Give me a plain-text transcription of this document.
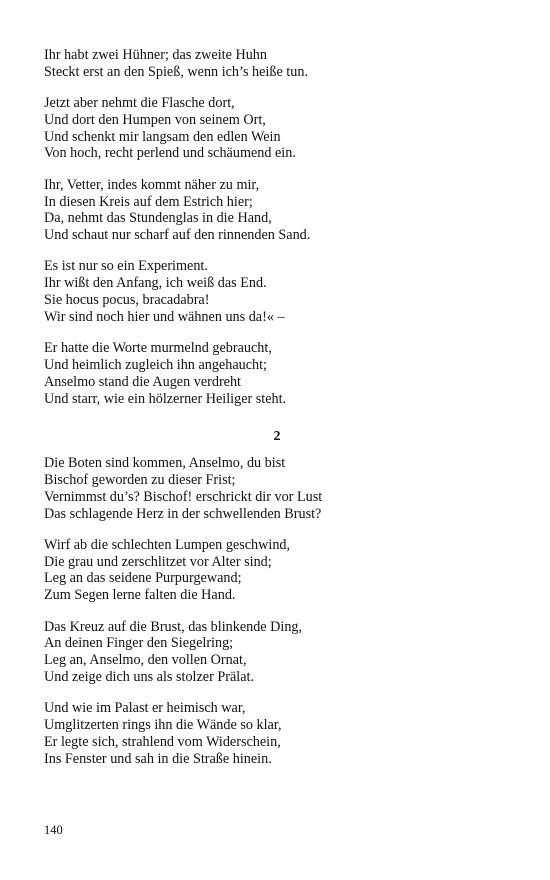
Ihr habt zwei Hühner; das zweite Huhn
Steckt erst an den Spieß, wenn ich’s heiße tun.
Jetzt aber nehmt die Flasche dort,
Und dort den Humpen von seinem Ort,
Und schenkt mir langsam den edlen Wein
Von hoch, recht perlend und schäumend ein.
Ihr, Vetter, indes kommt näher zu mir,
In diesen Kreis auf dem Estrich hier;
Da, nehmt das Stundenglas in die Hand,
Und schaut nur scharf auf den rinnenden Sand.
Es ist nur so ein Experiment.
Ihr wißt den Anfang, ich weiß das End.
Sie hocus pocus, bracadabra!
Wir sind noch hier und wähnen uns da!« –
Er hatte die Worte murmelnd gebraucht,
Und heimlich zugleich ihn angehaucht;
Anselmo stand die Augen verdreht
Und starr, wie ein hölzerner Heiliger steht.
2
Die Boten sind kommen, Anselmo, du bist
Bischof geworden zu dieser Frist;
Vernimmst du’s? Bischof! erschrickt dir vor Lust
Das schlagende Herz in der schwellenden Brust?
Wirf ab die schlechten Lumpen geschwind,
Die grau und zerschlitzet vor Alter sind;
Leg an das seidene Purpurgewand;
Zum Segen lerne falten die Hand.
Das Kreuz auf die Brust, das blinkende Ding,
An deinen Finger den Siegelring;
Leg an, Anselmo, den vollen Ornat,
Und zeige dich uns als stolzer Prälat.
Und wie im Palast er heimisch war,
Umglitzerten rings ihn die Wände so klar,
Er legte sich, strahlend vom Widerschein,
Ins Fenster und sah in die Straße hinein.
140
